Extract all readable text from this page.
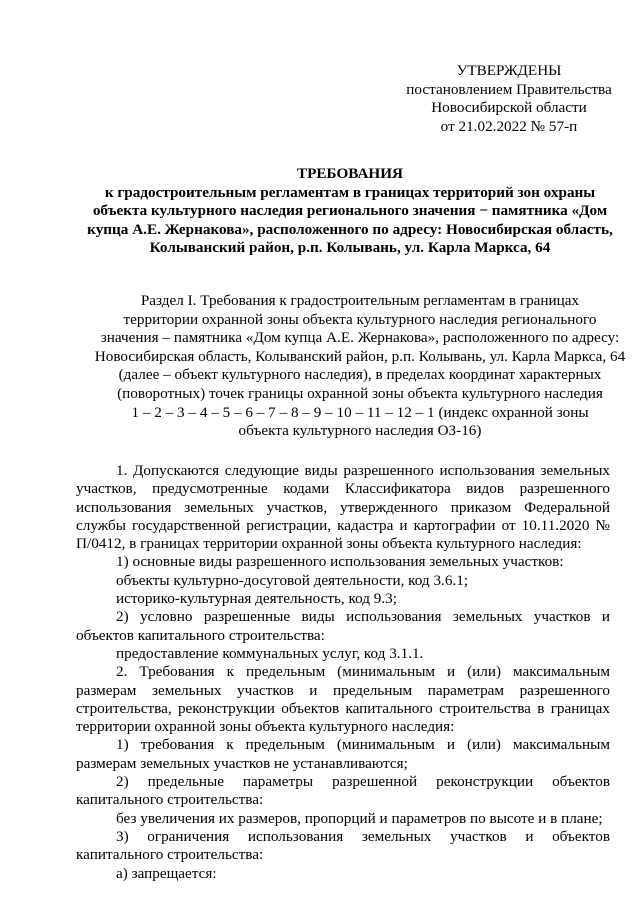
УТВЕРЖДЕНЫ
постановлением Правительства
Новосибирской области
от 21.02.2022 № 57-п
ТРЕБОВАНИЯ
к градостроительным регламентам в границах территорий зон охраны
объекта культурного наследия регионального значения − памятника «Дом
купца А.Е. Жернакова», расположенного по адресу: Новосибирская область,
Колыванский район, р.п. Колывань, ул. Карла Маркса, 64
Раздел I. Требования к градостроительным регламентам в границах
территории охранной зоны объекта культурного наследия регионального
значения – памятника «Дом купца А.Е. Жернакова», расположенного по адресу:
Новосибирская область, Колыванский район, р.п. Колывань, ул. Карла Маркса, 64
(далее – объект культурного наследия), в пределах координат характерных
(поворотных) точек границы охранной зоны объекта культурного наследия
1 – 2 – 3 – 4 – 5 – 6 – 7 – 8 – 9 – 10 – 11 – 12 – 1 (индекс охранной зоны
объекта культурного наследия ОЗ-16)

1. Допускаются следующие виды разрешенного использования земельных участков, предусмотренные кодами Классификатора видов разрешенного использования земельных участков, утвержденного приказом Федеральной службы государственной регистрации, кадастра и картографии от 10.11.2020 № П/0412, в границах территории охранной зоны объекта культурного наследия:

1) основные виды разрешенного использования земельных участков:

объекты культурно-досуговой деятельности, код 3.6.1;

историко-культурная деятельность, код 9.3;

2) условно разрешенные виды использования земельных участков и объектов капитального строительства:

предоставление коммунальных услуг, код 3.1.1.

2. Требования к предельным (минимальным и (или) максимальным размерам земельных участков и предельным параметрам разрешенного строительства, реконструкции объектов капитального строительства в границах территории охранной зоны объекта культурного наследия:

1) требования к предельным (минимальным и (или) максимальным размерам земельных участков не устанавливаются;

2) предельные параметры разрешенной реконструкции объектов капитального строительства:

без увеличения их размеров, пропорций и параметров по высоте и в плане;

3) ограничения использования земельных участков и объектов капитального строительства:

а) запрещается:
